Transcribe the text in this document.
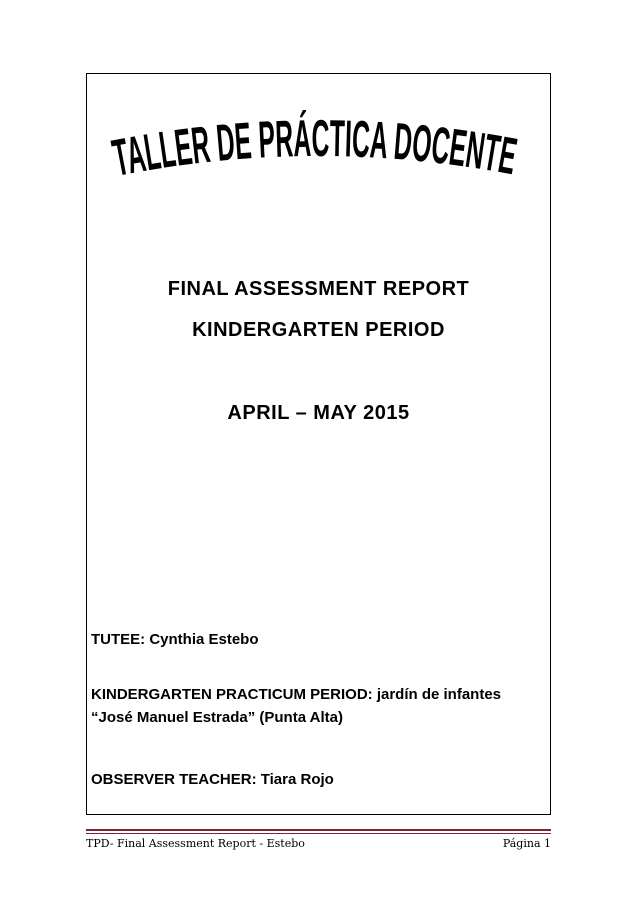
TALLER DE PRÁCTICA DOCENTE
FINAL ASSESSMENT REPORT
KINDERGARTEN PERIOD
APRIL – MAY 2015
TUTEE: Cynthia Estebo
KINDERGARTEN PRACTICUM PERIOD: jardín de infantes
“José Manuel Estrada” (Punta Alta)
OBSERVER TEACHER: Tiara Rojo
TPD- Final Assessment Report - Estebo	Página 1
